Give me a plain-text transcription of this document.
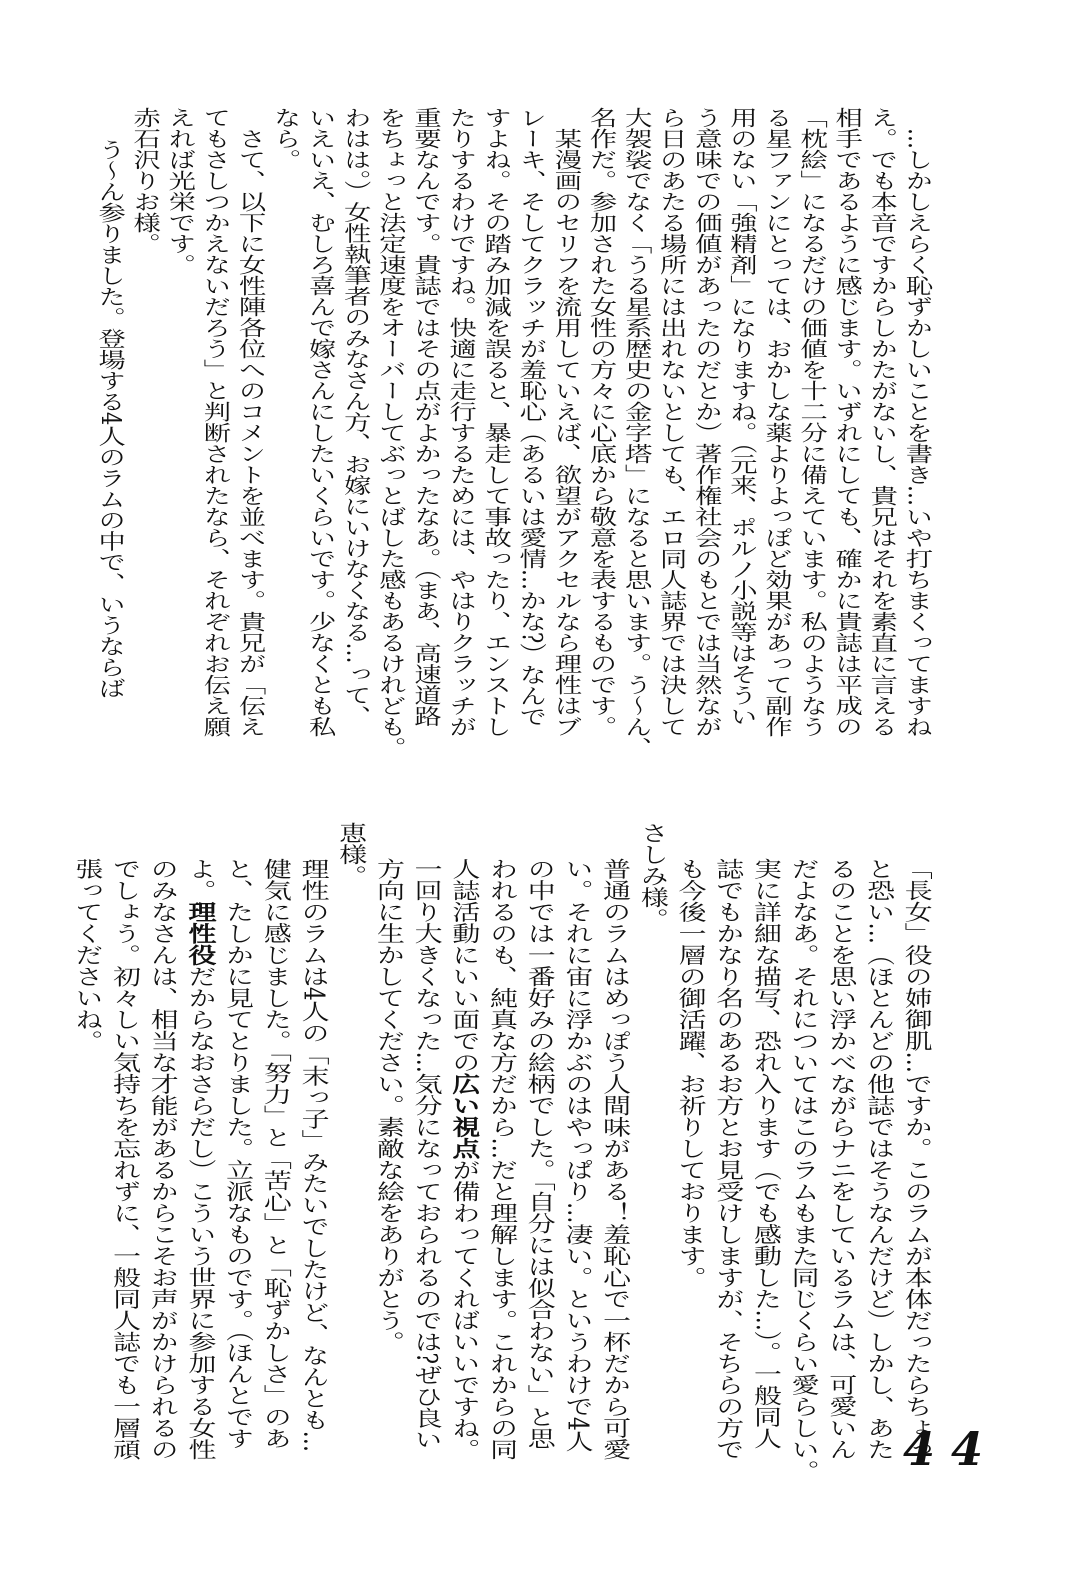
…しかしえらく恥ずかしいことを書き…いや打ちまくってますね
え。でも本音ですからしかたがないし、貴兄はそれを素直に言える
相手であるように感じます。いずれにしても、確かに貴誌は平成の
「枕絵」になるだけの価値を十二分に備えています。私のようなう
る星ファンにとっては、おかしな薬よりよっぽど効果があって副作
用のない「強精剤」になりますね。（元来、ポルノ小説等はそうい
う意味での価値があったのだとか）著作権社会のもとでは当然なが
ら日のあたる場所には出れないとしても、エロ同人誌界では決して
大袈裟でなく「うる星系歴史の金字塔」になると思います。う〜ん、
名作だ。参加された女性の方々に心底から敬意を表するものです。
某漫画のセリフを流用していえば、欲望がアクセルなら理性はブ
レーキ、そしてクラッチが羞恥心（あるいは愛情…かな?）なんで
すよね。その踏み加減を誤ると、暴走して事故ったり、エンストし
たりするわけですね。快適に走行するためには、やはりクラッチが
重要なんです。貴誌ではその点がよかったなあ。（まあ、高速道路
をちょっと法定速度をオーバーしてぶっとばした感もあるけれども。
わはは。）女性執筆者のみなさん方、お嫁にいけなくなる…って、
いえいえ、むしろ喜んで嫁さんにしたいくらいです。少なくとも私
なら。
さて、以下に女性陣各位へのコメントを並べます。貴兄が「伝え
てもさしつかえないだろう」と判断されたなら、それぞれお伝え願
えれば光栄です。
赤石沢りお様。
う〜ん参りました。登場する4人のラムの中で、いうならば
「長女」役の姉御肌…ですか。このラムが本体だったらちょっ
と恐い…（ほとんどの他誌ではそうなんだけど）しかし、あた
るのことを思い浮かべながらナニをしているラムは、可愛いん
だよなあ。それについてはこのラムもまた同じくらい愛らしい。
実に詳細な描写、恐れ入ります（でも感動した…）。一般同人
誌でもかなり名のあるお方とお見受けしますが、そちらの方で
も今後一層の御活躍、お祈りしております。
さしみ様。
普通のラムはめっぽう人間味がある！羞恥心で一杯だから可愛
い。それに宙に浮かぶのはやっぱり…凄い。というわけで4人
の中では一番好みの絵柄でした。「自分には似合わない」と思
われるのも、純真な方だから…だと理解します。これからの同
人誌活動にいい面での広い視点が備わってくればいいですね。
一回り大きくなった…気分になっておられるのでは?ぜひ良い
方向に生かしてください。素敵な絵をありがとう。
恵様。
理性のラムは4人の「末っ子」みたいでしたけど、なんとも…
健気に感じました。「努力」と「苦心」と「恥ずかしさ」のあ
と、たしかに見てとりました。立派なものです。（ほんとです
よ。理性役だからなおさらだし）こういう世界に参加する女性
のみなさんは、相当な才能があるからこそお声がかけられるの
でしょう。初々しい気持ちを忘れずに、一般同人誌でも一層頑
張ってくださいね。
44
